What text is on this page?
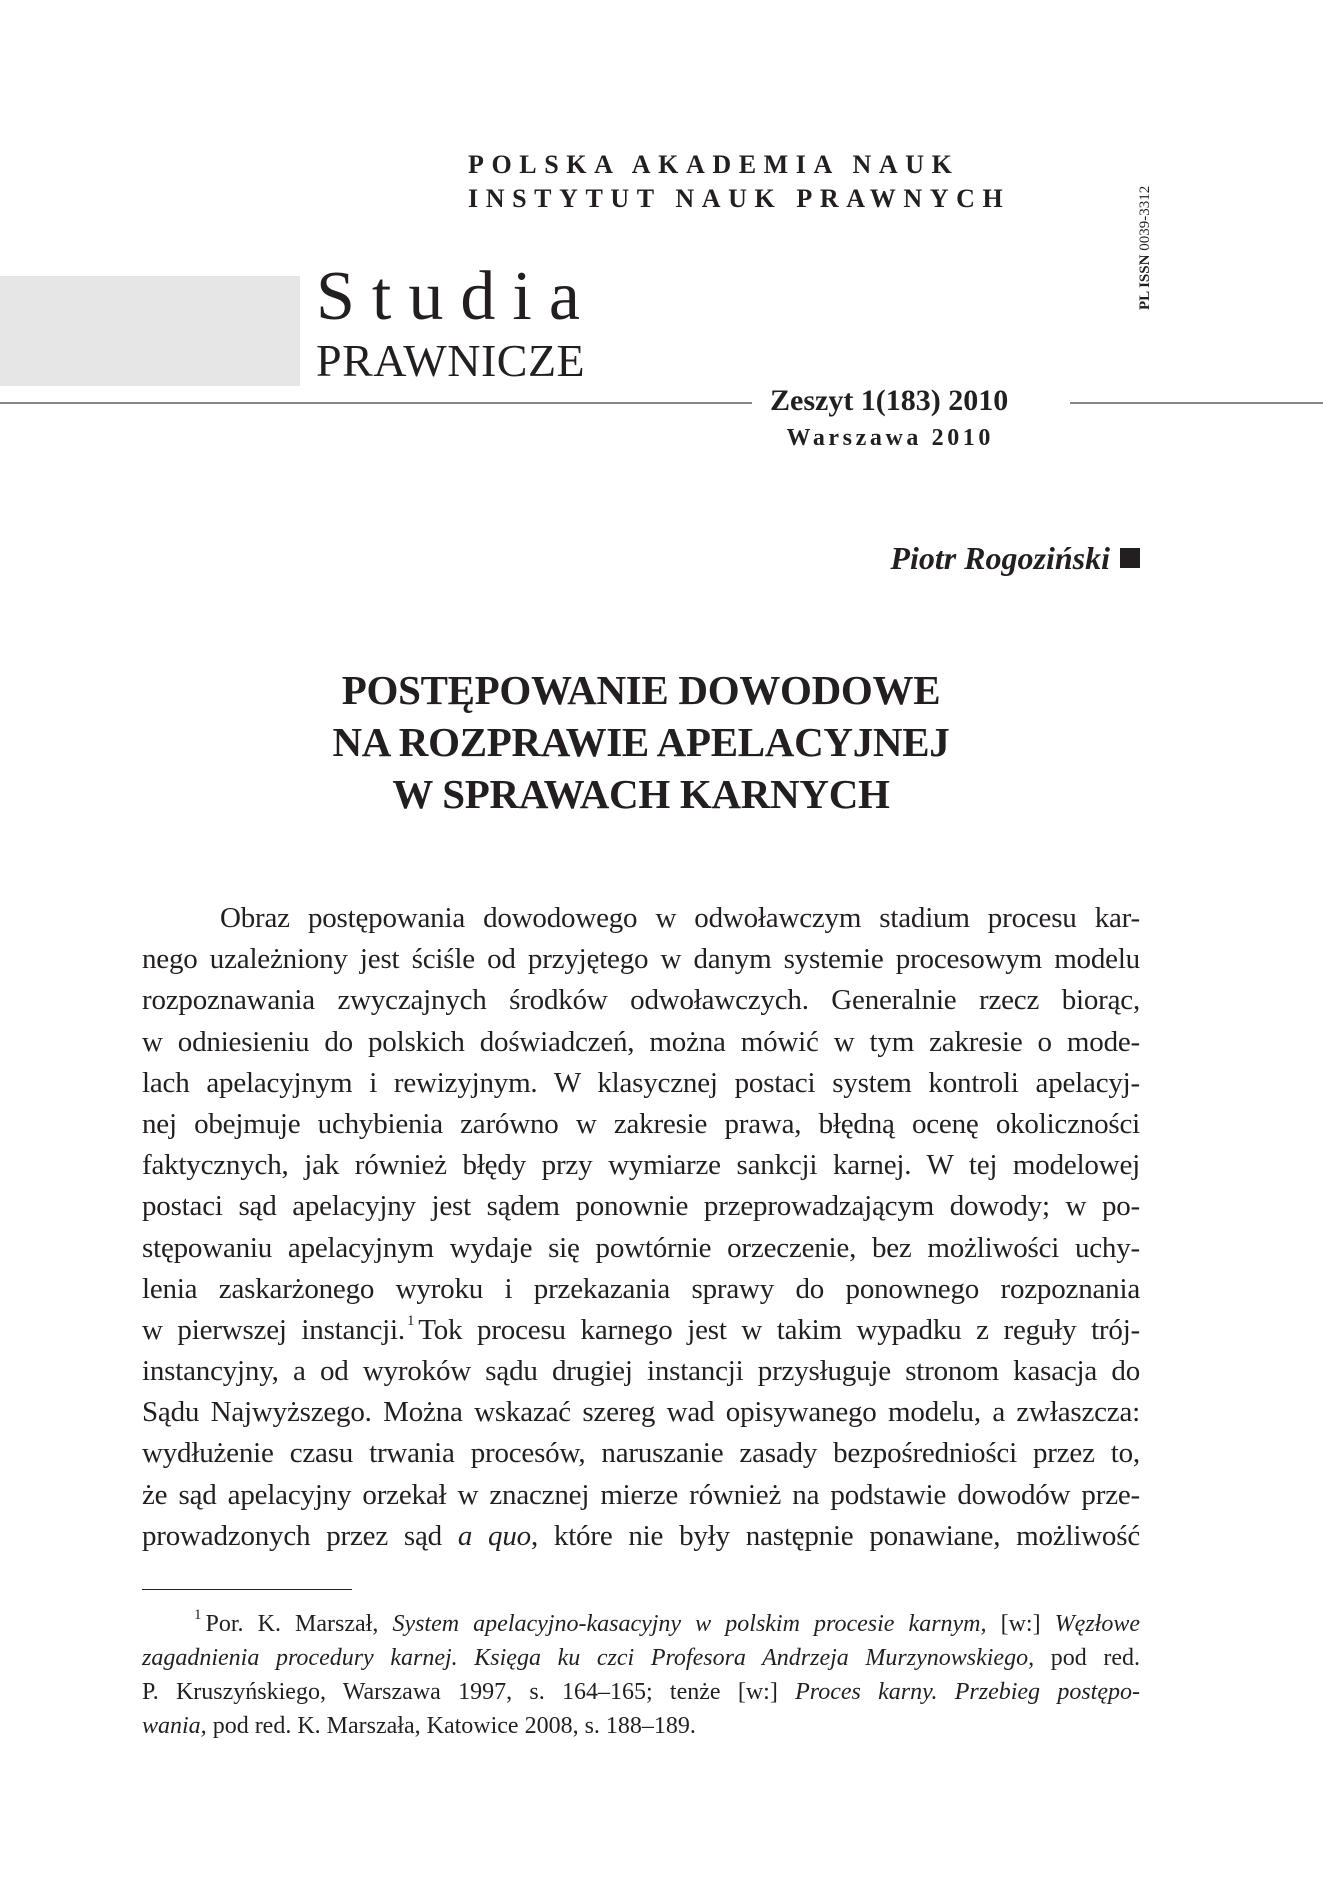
POLSKA AKADEMIA NAUK
INSTYTUT NAUK PRAWNYCH
PL ISSN 0039-3312
Studia
PRAWNICZE
Zeszyt 1(183) 2010
Warszawa 2010
Piotr Rogoziński
POSTĘPOWANIE DOWODOWE
NA ROZPRAWIE APELACYJNEJ
W SPRAWACH KARNYCH
Obraz postępowania dowodowego w odwoławczym stadium procesu kar-
nego uzależniony jest ściśle od przyjętego w danym systemie procesowym modelu
rozpoznawania zwyczajnych środków odwoławczych. Generalnie rzecz biorąc,
w odniesieniu do polskich doświadczeń, można mówić w tym zakresie o mode-
lach apelacyjnym i rewizyjnym. W klasycznej postaci system kontroli apelacyj-
nej obejmuje uchybienia zarówno w zakresie prawa, błędną ocenę okoliczności
faktycznych, jak również błędy przy wymiarze sankcji karnej. W tej modelowej
postaci sąd apelacyjny jest sądem ponownie przeprowadzającym dowody; w po-
stępowaniu apelacyjnym wydaje się powtórnie orzeczenie, bez możliwości uchy-
lenia zaskarżonego wyroku i przekazania sprawy do ponownego rozpoznania
w pierwszej instancji. $^1$ Tok procesu karnego jest w takim wypadku z reguły trój-
instancyjny, a od wyroków sądu drugiej instancji przysługuje stronom kasacja do
Sądu Najwyższego. Można wskazać szereg wad opisywanego modelu, a zwłaszcza:
wydłużenie czasu trwania procesów, naruszanie zasady bezpośredniości przez to,
że sąd apelacyjny orzekał w znacznej mierze również na podstawie dowodów prze-
prowadzonych przez sąd a quo, które nie były następnie ponawiane, możliwość
$^1$ Por. K. Marszał, System apelacyjno-kasacyjny w polskim procesie karnym, [w:] Węzłowe
zagadnienia procedury karnej. Księga ku czci Profesora Andrzeja Murzynowskiego, pod red.
P. Kruszyńskiego, Warszawa 1997, s. 164–165; tenże [w:] Proces karny. Przebieg postępo-
wania, pod red. K. Marszała, Katowice 2008, s. 188–189.
